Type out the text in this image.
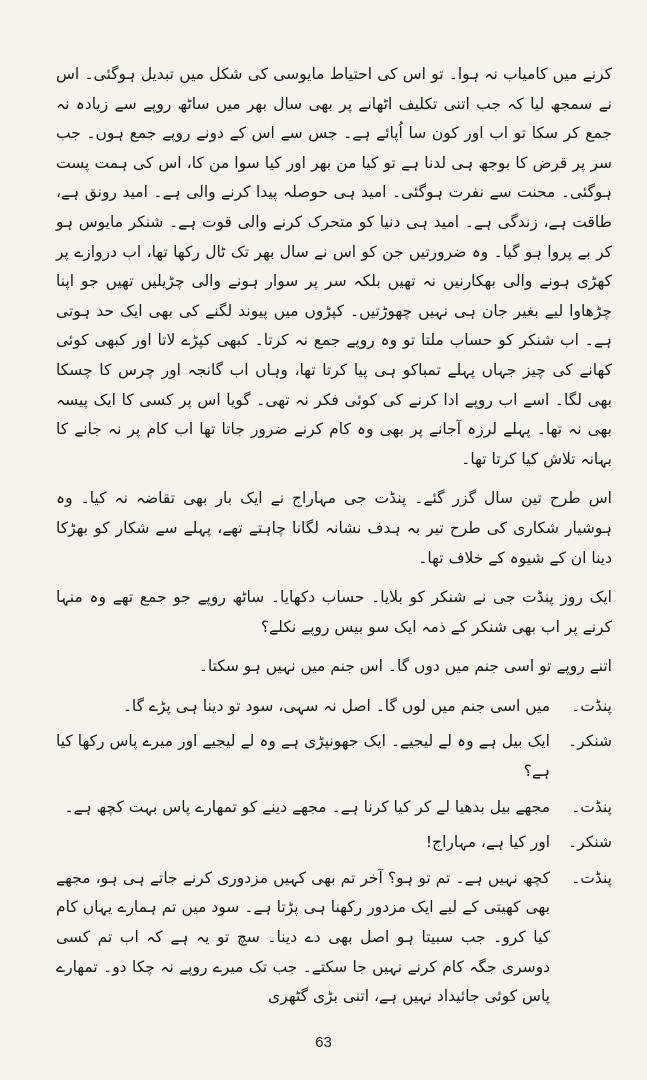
کرنے میں کامیاب نہ ہوا۔ تو اس کی احتیاط مایوسی کی شکل میں تبدیل ہوگئی۔ اس نے سمجھ لیا کہ جب اتنی تکلیف اٹھانے پر بھی سال بھر میں ساٹھ روپے سے زیادہ نہ جمع کر سکا تو اب اور کون سا اُپائے ہے۔ جس سے اس کے دونے روپے جمع ہوں۔ جب سر پر قرض کا بوجھ ہی لدنا ہے تو کیا من بھر اور کیا سوا من کا، اس کی ہمت پست ہوگئی۔ محنت سے نفرت ہوگئی۔ امید ہی حوصلہ پیدا کرنے والی ہے۔ امید رونق ہے، طاقت ہے، زندگی ہے۔ امید ہی دنیا کو متحرک کرنے والی قوت ہے۔ شنکر مایوس ہو کر بے پروا ہو گیا۔ وہ ضرورتیں جن کو اس نے سال بھر تک ٹال رکھا تھا، اب دروازے پر کھڑی ہونے والی بھکارنیں نہ تھیں بلکہ سر پر سوار ہونے والی چڑیلیں تھیں جو اپنا چڑھاوا لیے بغیر جان ہی نہیں چھوڑتیں۔ کپڑوں میں پیوند لگنے کی بھی ایک حد ہوتی ہے۔ اب شنکر کو حساب ملتا تو وہ روپے جمع نہ کرتا۔ کبھی کپڑے لاتا اور کبھی کوئی کھانے کی چیز جہاں پہلے تمباکو ہی پیا کرتا تھا، وہاں اب گانجہ اور چرس کا چسکا بھی لگا۔ اسے اب روپے ادا کرنے کی کوئی فکر نہ تھی۔ گویا اس پر کسی کا ایک پیسہ بھی نہ تھا۔ پہلے لرزہ آجانے پر بھی وہ کام کرنے ضرور جاتا تھا اب کام پر نہ جانے کا بہانہ تلاش کیا کرتا تھا۔

اس طرح تین سال گزر گئے۔ پنڈت جی مہاراج نے ایک بار بھی تقاضہ نہ کیا۔ وہ ہوشیار شکاری کی طرح تیر بہ ہدف نشانہ لگانا چاہتے تھے، پہلے سے شکار کو بھڑکا دینا ان کے شیوہ کے خلاف تھا۔

ایک روز پنڈت جی نے شنکر کو بلایا۔ حساب دکھایا۔ ساٹھ روپے جو جمع تھے وہ منہا کرنے پر اب بھی شنکر کے ذمہ ایک سو بیس روپے نکلے؟

اتنے روپے تو اسی جنم میں دوں گا۔ اس جنم میں نہیں ہو سکتا۔

پنڈت۔
میں اسی جنم میں لوں گا۔ اصل نہ سہی، سود تو دینا ہی پڑے گا۔
شنکر۔
ایک بیل ہے وہ لے لیجیے۔ ایک جھونپڑی ہے وہ لے لیجیے اور میرے پاس رکھا کیا ہے؟
پنڈت۔
مجھے بیل بدھیا لے کر کیا کرنا ہے۔ مجھے دینے کو تمھارے پاس بہت کچھ ہے۔
شنکر۔
اور کیا ہے، مہاراج!
پنڈت۔
کچھ نہیں ہے۔ تم تو ہو؟ آخر تم بھی کہیں مزدوری کرنے جاتے ہی ہو، مجھے بھی کھیتی کے لیے ایک مزدور رکھنا ہی پڑتا ہے۔ سود میں تم ہمارے یہاں کام کیا کرو۔ جب سبیتا ہو اصل بھی دے دینا۔ سچ تو یہ ہے کہ اب تم کسی دوسری جگہ کام کرنے نہیں جا سکتے۔ جب تک میرے روپے نہ چکا دو۔ تمھارے پاس کوئی جائیداد نہیں ہے، اتنی بڑی گٹھری
63
